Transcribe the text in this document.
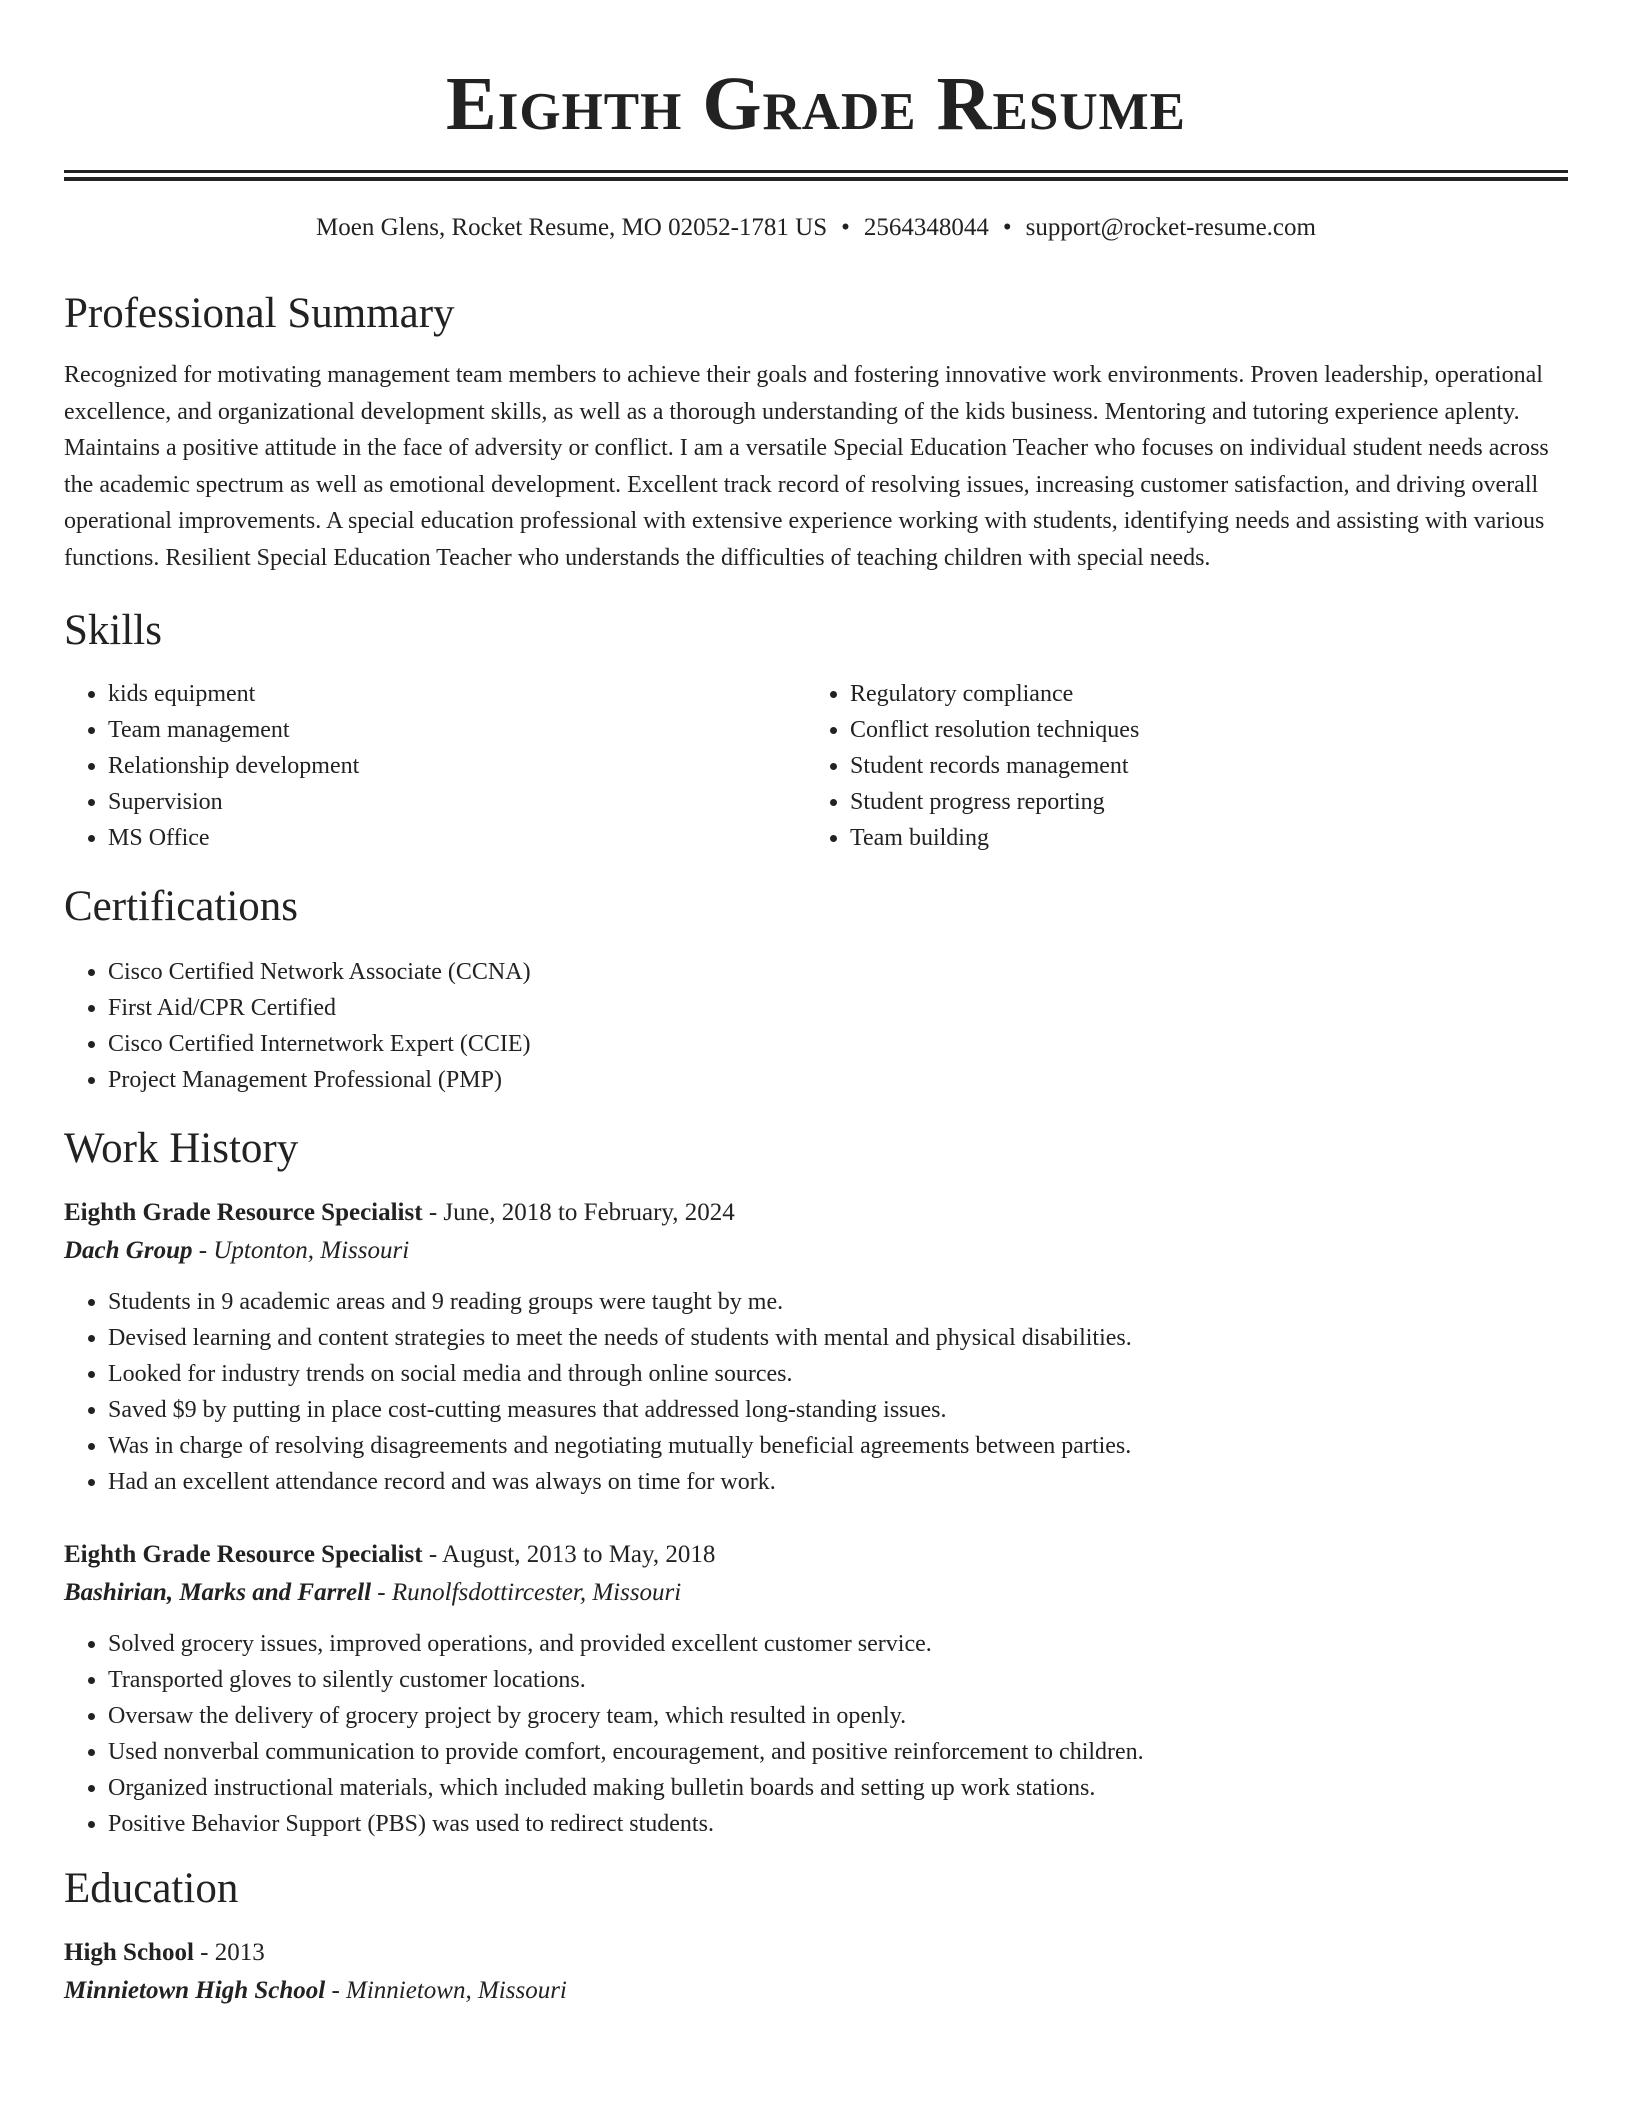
Eighth Grade Resume
Moen Glens, Rocket Resume, MO 02052-1781 US • 2564348044 • support@rocket-resume.com
Professional Summary

Recognized for motivating management team members to achieve their goals and fostering innovative work environments. Proven leadership, operational excellence, and organizational development skills, as well as a thorough understanding of the kids business. Mentoring and tutoring experience aplenty. Maintains a positive attitude in the face of adversity or conflict. I am a versatile Special Education Teacher who focuses on individual student needs across the academic spectrum as well as emotional development. Excellent track record of resolving issues, increasing customer satisfaction, and driving overall operational improvements. A special education professional with extensive experience working with students, identifying needs and assisting with various functions. Resilient Special Education Teacher who understands the difficulties of teaching children with special needs.

Skills
• kids equipment
• Team management
• Relationship development
• Supervision
• MS Office
• Regulatory compliance
• Conflict resolution techniques
• Student records management
• Student progress reporting
• Team building
Certifications
• Cisco Certified Network Associate (CCNA)
• First Aid/CPR Certified
• Cisco Certified Internetwork Expert (CCIE)
• Project Management Professional (PMP)
Work History
Eighth Grade Resource Specialist - June, 2018 to February, 2024
Dach Group - Uptonton, Missouri
• Students in 9 academic areas and 9 reading groups were taught by me.
• Devised learning and content strategies to meet the needs of students with mental and physical disabilities.
• Looked for industry trends on social media and through online sources.
• Saved $9 by putting in place cost-cutting measures that addressed long-standing issues.
• Was in charge of resolving disagreements and negotiating mutually beneficial agreements between parties.
• Had an excellent attendance record and was always on time for work.
Eighth Grade Resource Specialist - August, 2013 to May, 2018
Bashirian, Marks and Farrell - Runolfsdottircester, Missouri
• Solved grocery issues, improved operations, and provided excellent customer service.
• Transported gloves to silently customer locations.
• Oversaw the delivery of grocery project by grocery team, which resulted in openly.
• Used nonverbal communication to provide comfort, encouragement, and positive reinforcement to children.
• Organized instructional materials, which included making bulletin boards and setting up work stations.
• Positive Behavior Support (PBS) was used to redirect students.
Education
High School - 2013
Minnietown High School - Minnietown, Missouri
